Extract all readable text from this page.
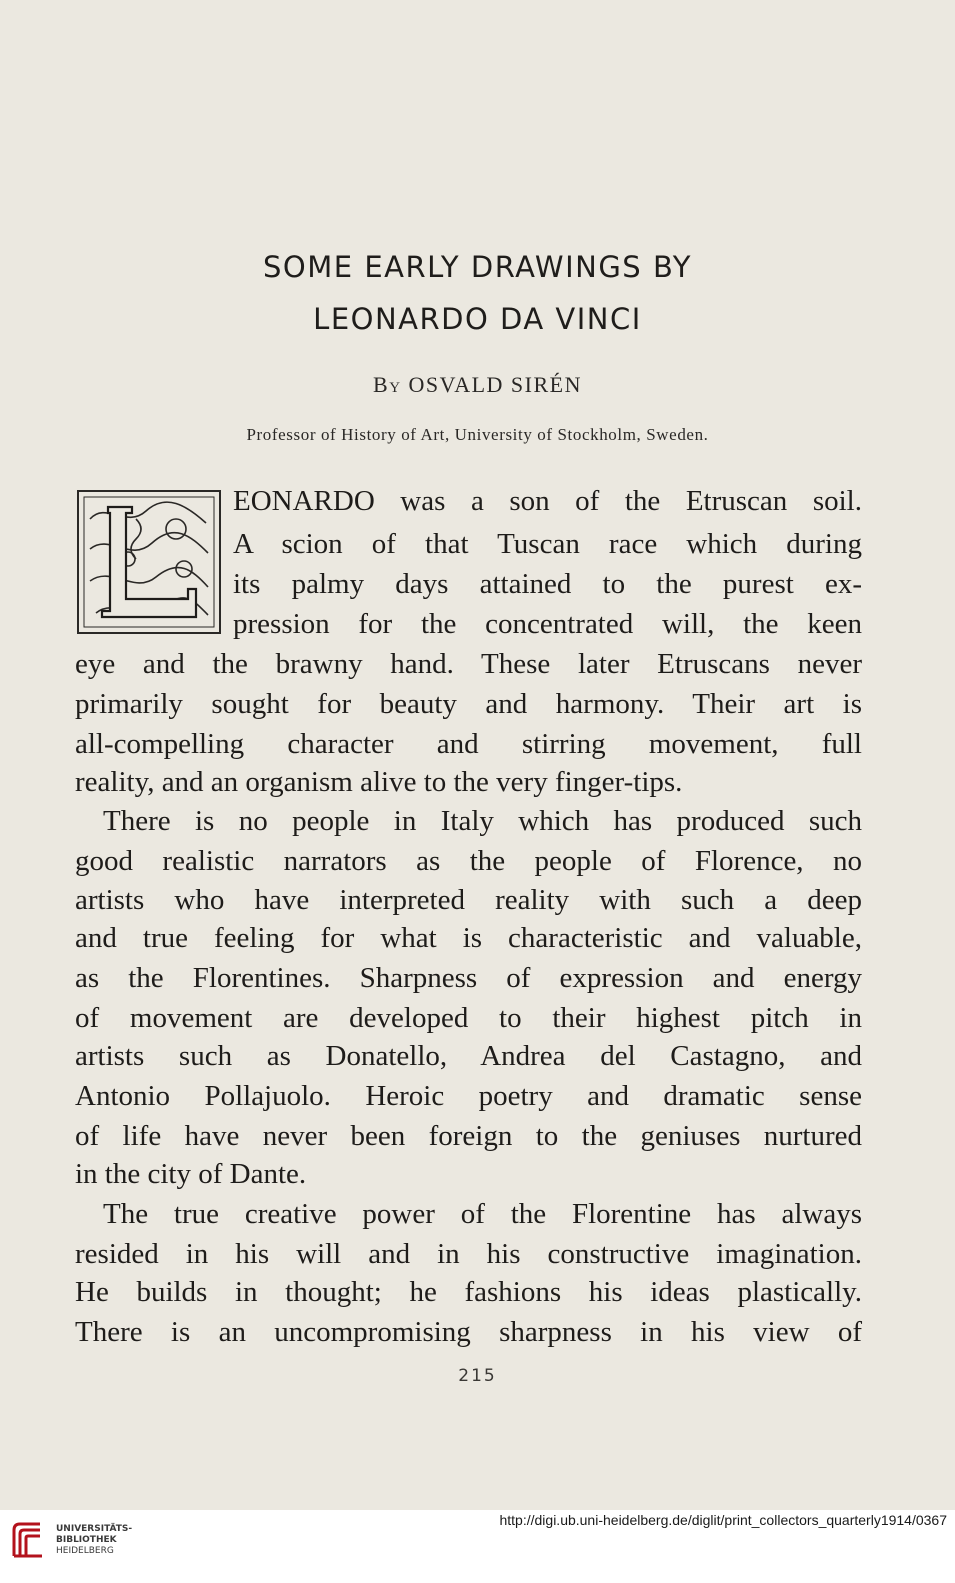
SOME EARLY DRAWINGS BY
LEONARDO DA VINCI
By OSVALD SIRÉN
Professor of History of Art, University of Stockholm, Sweden.
L	EONARDO was a son of the Etruscan soil.
A scion of that Tuscan race which during
its palmy days attained to the purest ex-
pression for the concentrated will, the keen
eye and the brawny hand. These later Etruscans never
primarily sought for beauty and harmony. Their art is
all-compelling character and stirring movement, full
reality, and an organism alive to the very finger-tips.
There is no people in Italy which has produced such
good realistic narrators as the people of Florence, no
artists who have interpreted reality with such a deep
and true feeling for what is characteristic and valuable,
as the Florentines. Sharpness of expression and energy
of movement are developed to their highest pitch in
artists such as Donatello, Andrea del Castagno, and
Antonio Pollajuolo. Heroic poetry and dramatic sense
of life have never been foreign to the geniuses nurtured
in the city of Dante.
The true creative power of the Florentine has always
resided in his will and in his constructive imagination.
He builds in thought; he fashions his ideas plastically.
There is an uncompromising sharpness in his view of
215
UNIVERSITÄTS-
BIBLIOTHEK
HEIDELBERG
http://digi.ub.uni-heidelberg.de/diglit/print_collectors_quarterly1914/0367
